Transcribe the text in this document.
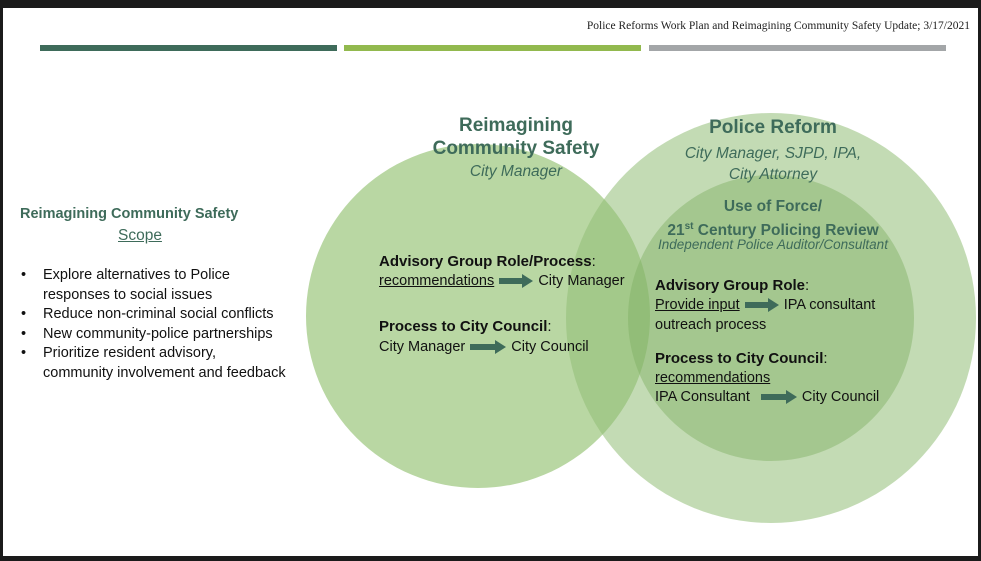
Police Reforms Work Plan and Reimagining Community Safety Update; 3/17/2021
Reimagining Community Safety
Scope
• Explore alternatives to Police
responses to social issues
• Reduce non-criminal social conflicts
• New community-police partnerships
• Prioritize resident advisory,
community involvement and feedback
Reimagining
Community Safety
City Manager
Advisory Group Role/Process:
recommendations	City Manager
Process to City Council:
City Manager	City Council
Police Reform
City Manager, SJPD, IPA,
City Attorney
Use of Force/
21st Century Policing Review
Independent Police Auditor/Consultant
Advisory Group Role:
Provide input	IPA consultant
outreach process
Process to City Council:
recommendations
IPA Consultant	City Council
